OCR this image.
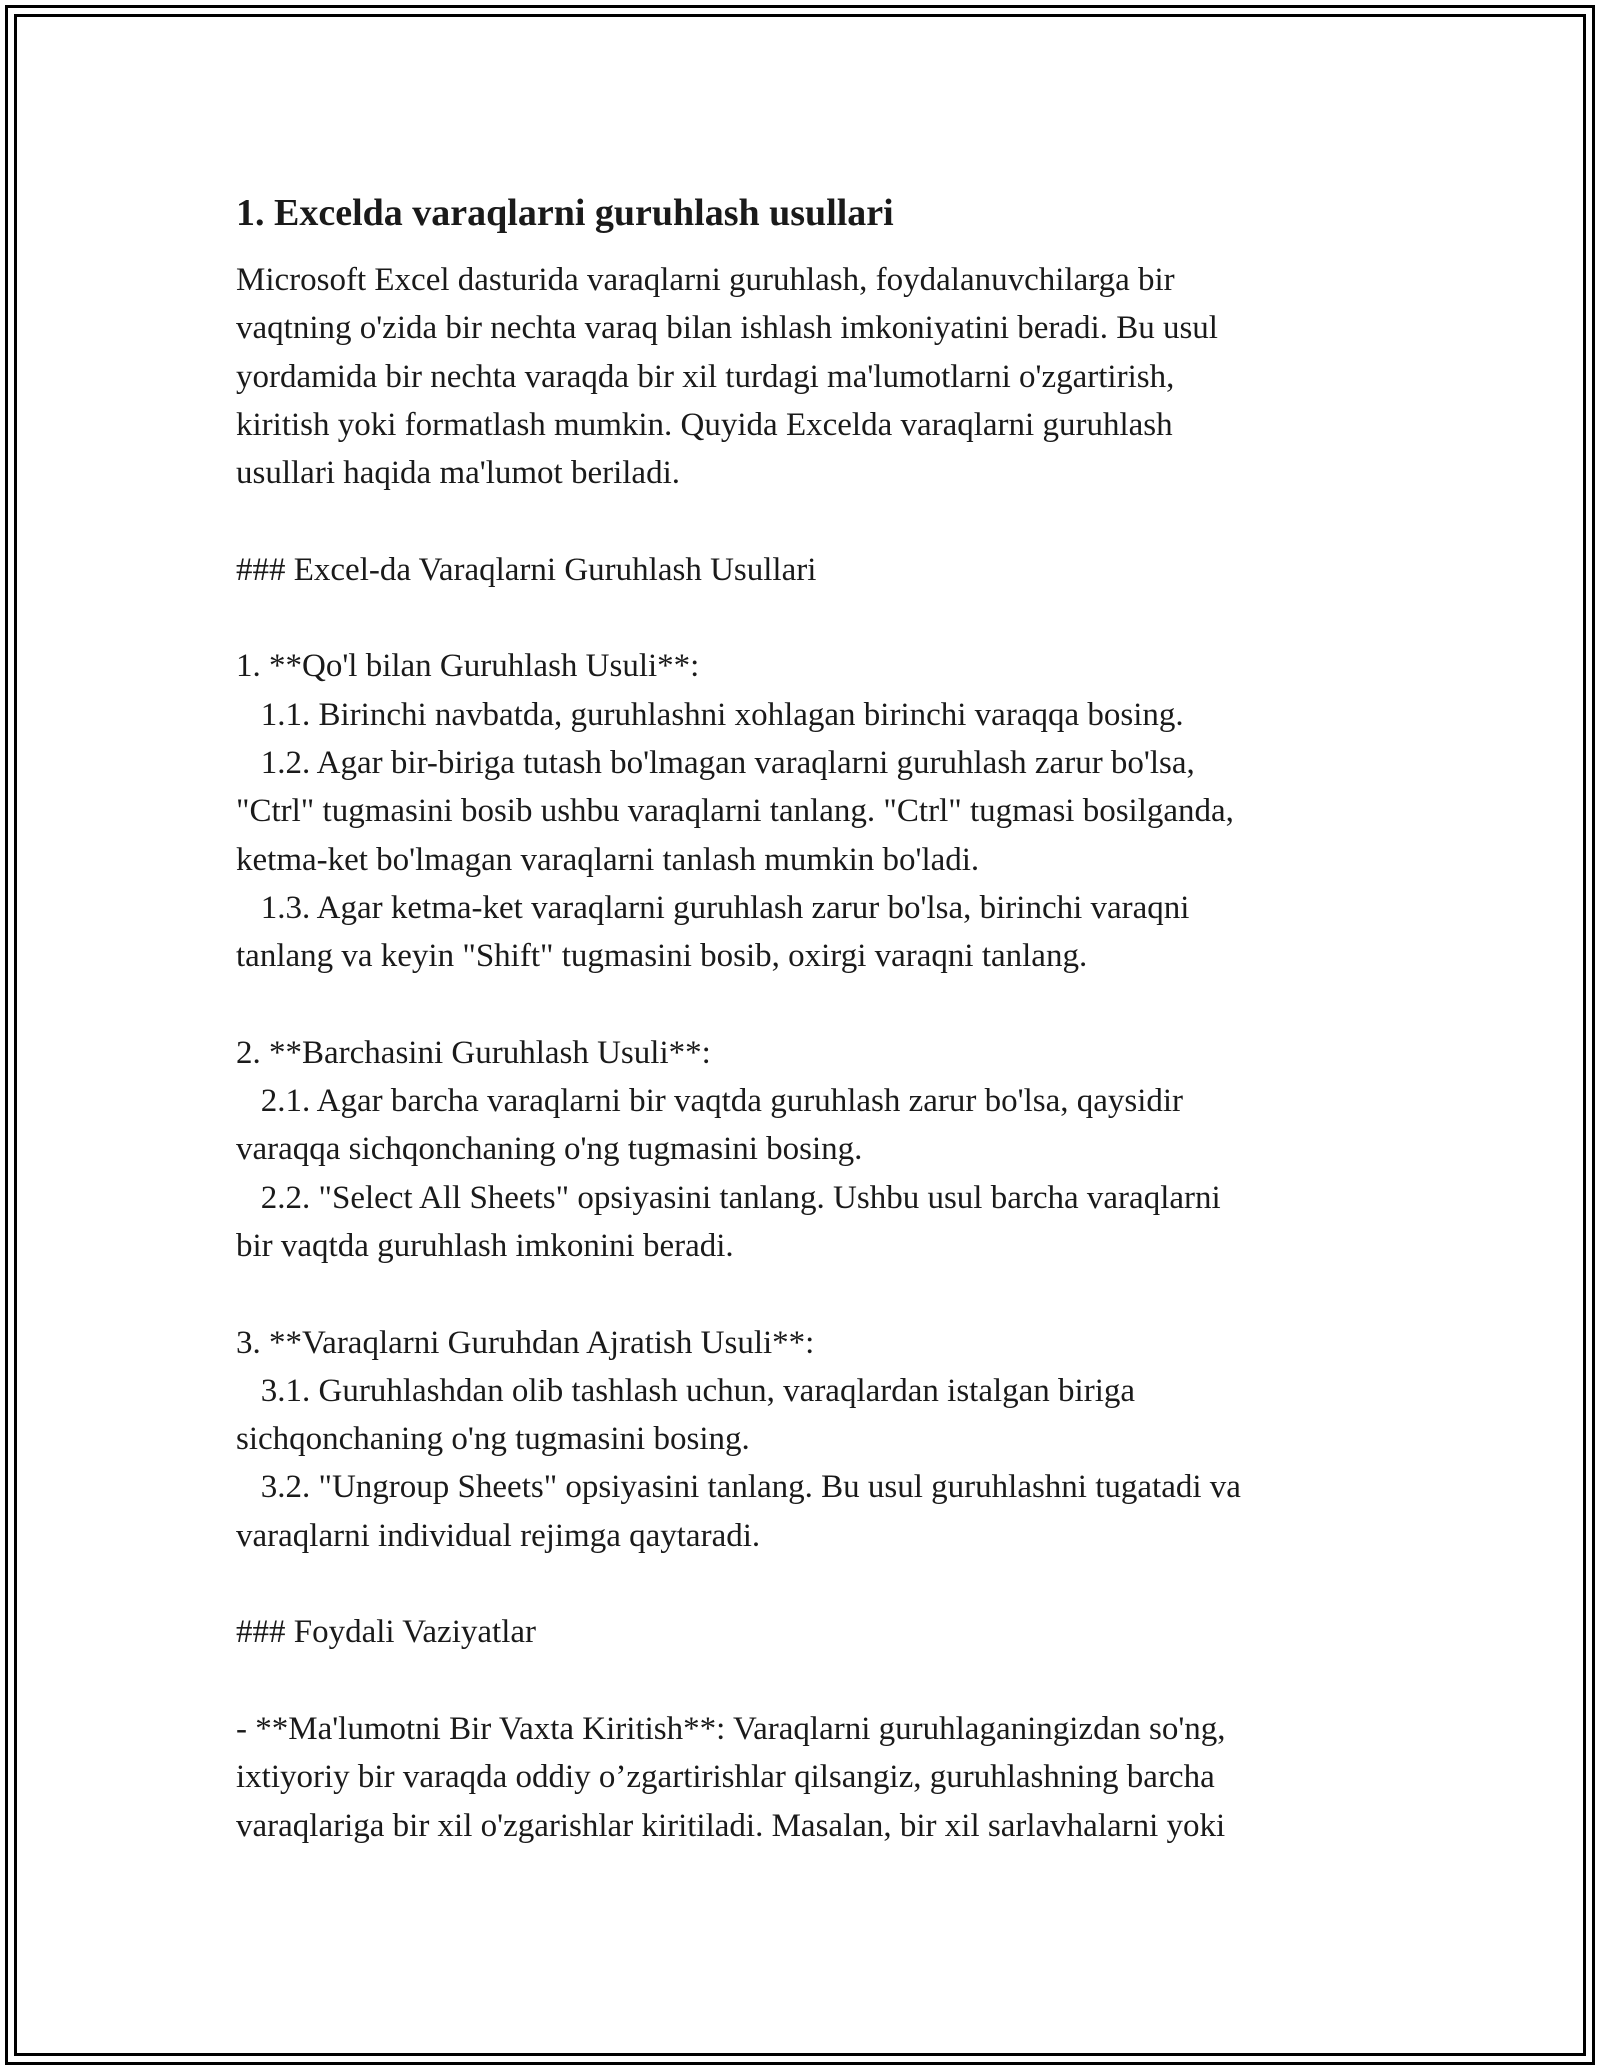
1. Excelda varaqlarni guruhlash usullari
Microsoft Excel dasturida varaqlarni guruhlash, foydalanuvchilarga bir
vaqtning o'zida bir nechta varaq bilan ishlash imkoniyatini beradi. Bu usul
yordamida bir nechta varaqda bir xil turdagi ma'lumotlarni o'zgartirish,
kiritish yoki formatlash mumkin. Quyida Excelda varaqlarni guruhlash
usullari haqida ma'lumot beriladi.
### Excel-da Varaqlarni Guruhlash Usullari
1. **Qo'l bilan Guruhlash Usuli**:
1.1. Birinchi navbatda, guruhlashni xohlagan birinchi varaqqa bosing.
1.2. Agar bir-biriga tutash bo'lmagan varaqlarni guruhlash zarur bo'lsa,
"Ctrl" tugmasini bosib ushbu varaqlarni tanlang. "Ctrl" tugmasi bosilganda,
ketma-ket bo'lmagan varaqlarni tanlash mumkin bo'ladi.
1.3. Agar ketma-ket varaqlarni guruhlash zarur bo'lsa, birinchi varaqni
tanlang va keyin "Shift" tugmasini bosib, oxirgi varaqni tanlang.
2. **Barchasini Guruhlash Usuli**:
2.1. Agar barcha varaqlarni bir vaqtda guruhlash zarur bo'lsa, qaysidir
varaqqa sichqonchaning o'ng tugmasini bosing.
2.2. "Select All Sheets" opsiyasini tanlang. Ushbu usul barcha varaqlarni
bir vaqtda guruhlash imkonini beradi.
3. **Varaqlarni Guruhdan Ajratish Usuli**:
3.1. Guruhlashdan olib tashlash uchun, varaqlardan istalgan biriga
sichqonchaning o'ng tugmasini bosing.
3.2. "Ungroup Sheets" opsiyasini tanlang. Bu usul guruhlashni tugatadi va
varaqlarni individual rejimga qaytaradi.
### Foydali Vaziyatlar
- **Ma'lumotni Bir Vaxta Kiritish**: Varaqlarni guruhlaganingizdan so'ng,
ixtiyoriy bir varaqda oddiy o’zgartirishlar qilsangiz, guruhlashning barcha
varaqlariga bir xil o'zgarishlar kiritiladi. Masalan, bir xil sarlavhalarni yoki
